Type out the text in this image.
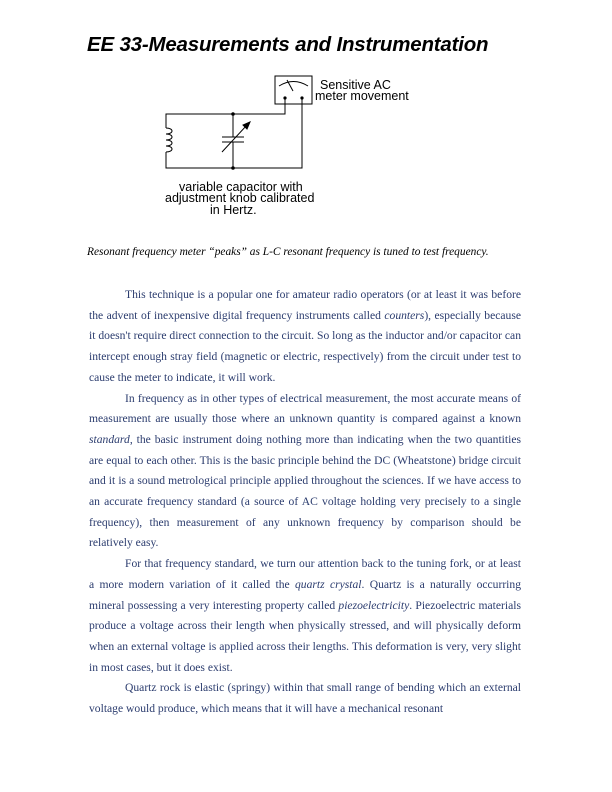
EE 33-Measurements and Instrumentation
Sensitive AC
meter movement
variable capacitor with
adjustment knob calibrated
in Hertz.

Resonant frequency meter “peaks” as L-C resonant frequency is tuned to test frequency.

This technique is a popular one for amateur radio operators (or at least it was before the advent of inexpensive digital frequency instruments called counters), especially because it doesn't require direct connection to the circuit. So long as the inductor and/or capacitor can intercept enough stray field (magnetic or electric, respectively) from the circuit under test to cause the meter to indicate, it will work.

In frequency as in other types of electrical measurement, the most accurate means of measurement are usually those where an unknown quantity is compared against a known standard, the basic instrument doing nothing more than indicating when the two quantities are equal to each other. This is the basic principle behind the DC (Wheatstone) bridge circuit and it is a sound metrological principle applied throughout the sciences. If we have access to an accurate frequency standard (a source of AC voltage holding very precisely to a single frequency), then measurement of any unknown frequency by comparison should be relatively easy.

For that frequency standard, we turn our attention back to the tuning fork, or at least a more modern variation of it called the quartz crystal. Quartz is a naturally occurring mineral possessing a very interesting property called piezoelectricity. Piezoelectric materials produce a voltage across their length when physically stressed, and will physically deform when an external voltage is applied across their lengths. This deformation is very, very slight in most cases, but it does exist.

Quartz rock is elastic (springy) within that small range of bending which an external voltage would produce, which means that it will have a mechanical resonant
